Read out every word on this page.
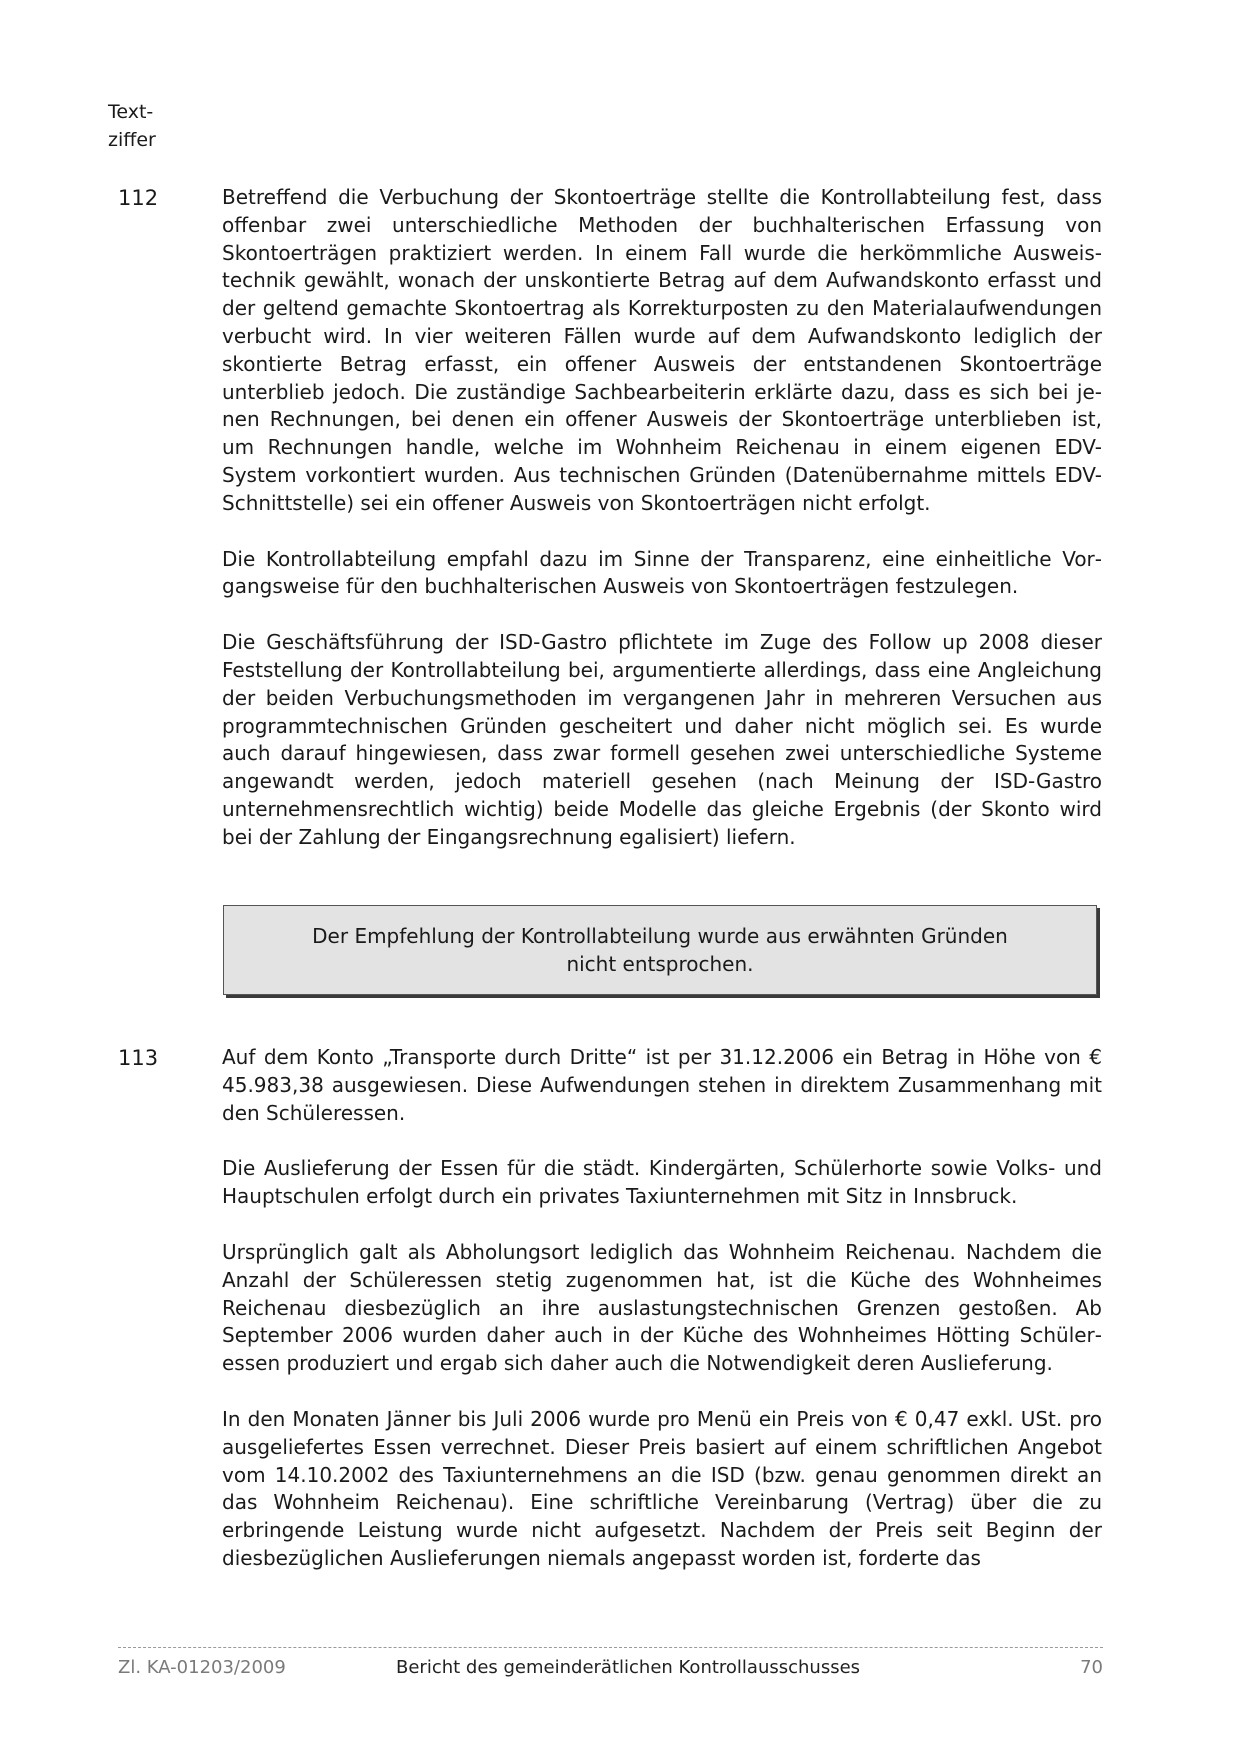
Text-
ziffer
112	Betreffend die Verbuchung der Skontoerträge stellte die Kontrollabteilung fest, dass offenbar zwei unterschiedliche Methoden der buchhalterischen Erfassung von Skontoerträgen praktiziert werden. In einem Fall wurde die herkömmliche Ausweistechnik gewählt, wonach der unskontierte Betrag auf dem Aufwandskonto erfasst und der geltend gemachte Skontoertrag als Korrekturposten zu den Materialaufwendungen verbucht wird. In vier weiteren Fällen wurde auf dem Aufwandskonto lediglich der skontierte Betrag erfasst, ein offener Ausweis der entstandenen Skontoerträge unterblieb jedoch. Die zuständige Sachbearbeiterin erklärte dazu, dass es sich bei jenen Rechnungen, bei denen ein offener Ausweis der Skontoerträge unterblieben ist, um Rechnungen handle, welche im Wohnheim Reichenau in einem eigenen EDV-System vorkontiert wurden. Aus technischen Gründen (Datenübernahme mittels EDV-Schnittstelle) sei ein offener Ausweis von Skontoerträgen nicht erfolgt.

Die Kontrollabteilung empfahl dazu im Sinne der Transparenz, eine einheitliche Vorgangsweise für den buchhalterischen Ausweis von Skontoerträgen festzulegen.

Die Geschäftsführung der ISD-Gastro pflichtete im Zuge des Follow up 2008 dieser Feststellung der Kontrollabteilung bei, argumentierte allerdings, dass eine Angleichung der beiden Verbuchungsmethoden im vergangenen Jahr in mehreren Versuchen aus programmtechnischen Gründen gescheitert und daher nicht möglich sei. Es wurde auch darauf hingewiesen, dass zwar formell gesehen zwei unterschiedliche Systeme angewandt werden, jedoch materiell gesehen (nach Meinung der ISD-Gastro unternehmensrechtlich wichtig) beide Modelle das gleiche Ergebnis (der Skonto wird bei der Zahlung der Eingangsrechnung egalisiert) liefern.

Der Empfehlung der Kontrollabteilung wurde aus erwähnten Gründen
nicht entsprochen.
113	Auf dem Konto „Transporte durch Dritte“ ist per 31.12.2006 ein Betrag in Höhe von € 45.983,38 ausgewiesen. Diese Aufwendungen stehen in direktem Zusammenhang mit den Schüleressen.

Die Auslieferung der Essen für die städt. Kindergärten, Schülerhorte sowie Volks- und Hauptschulen erfolgt durch ein privates Taxiunternehmen mit Sitz in Innsbruck.

Ursprünglich galt als Abholungsort lediglich das Wohnheim Reichenau. Nachdem die Anzahl der Schüleressen stetig zugenommen hat, ist die Küche des Wohnheimes Reichenau diesbezüglich an ihre auslastungstechnischen Grenzen gestoßen. Ab September 2006 wurden daher auch in der Küche des Wohnheimes Hötting Schüleressen produziert und ergab sich daher auch die Notwendigkeit deren Auslieferung.

In den Monaten Jänner bis Juli 2006 wurde pro Menü ein Preis von € 0,47 exkl. USt. pro ausgeliefertes Essen verrechnet. Dieser Preis basiert auf einem schriftlichen Angebot vom 14.10.2002 des Taxiunternehmens an die ISD (bzw. genau genommen direkt an das Wohnheim Reichenau). Eine schriftliche Vereinbarung (Vertrag) über die zu erbringende Leistung wurde nicht aufgesetzt. Nachdem der Preis seit Beginn der diesbezüglichen Auslieferungen niemals angepasst worden ist, forderte das

Zl. KA-01203/2009	Bericht des gemeinderätlichen Kontrollausschusses	70
